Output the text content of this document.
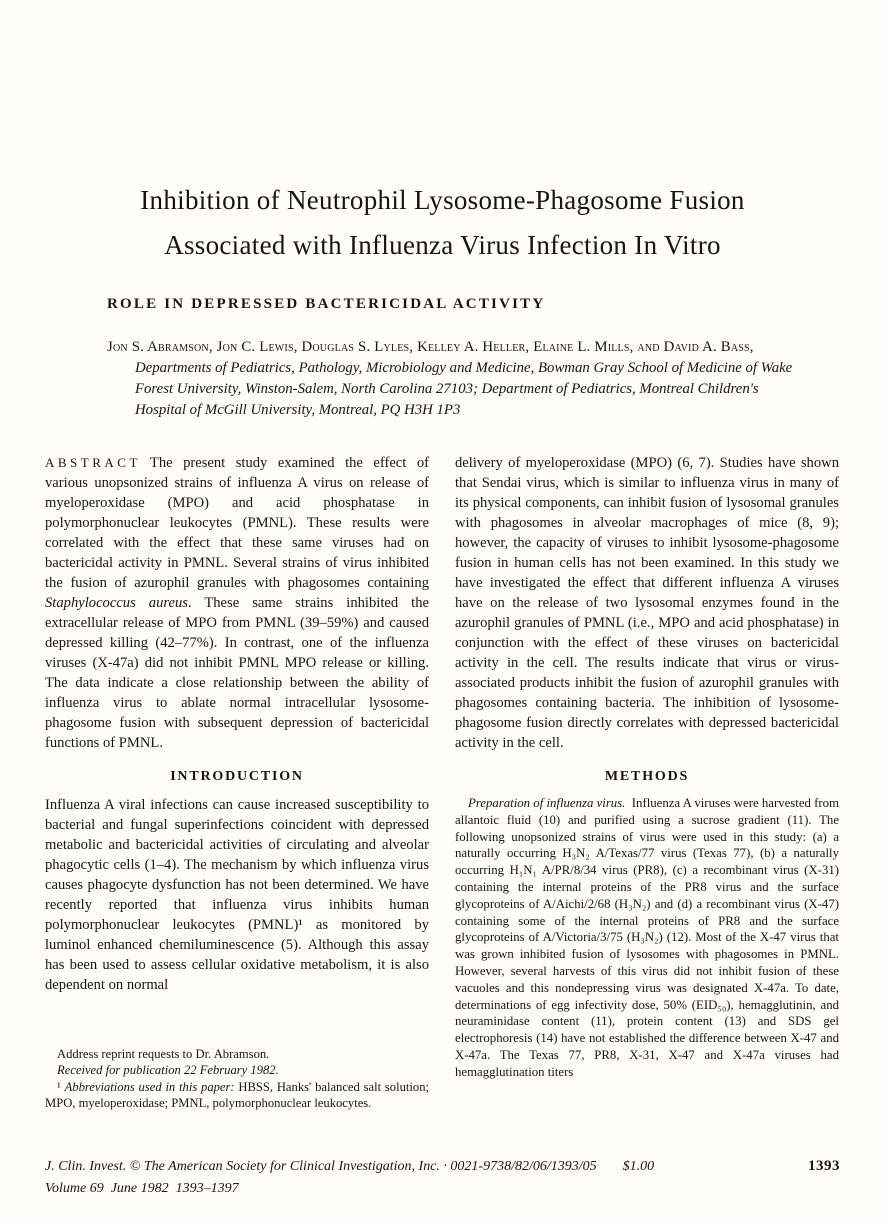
Inhibition of Neutrophil Lysosome-Phagosome Fusion
Associated with Influenza Virus Infection In Vitro
ROLE IN DEPRESSED BACTERICIDAL ACTIVITY

Jon S. Abramson, Jon C. Lewis, Douglas S. Lyles, Kelley A. Heller, Elaine L. Mills, and David A. Bass, Departments of Pediatrics, Pathology, Microbiology and Medicine, Bowman Gray School of Medicine of Wake Forest University, Winston-Salem, North Carolina 27103; Department of Pediatrics, Montreal Children's Hospital of McGill University, Montreal, PQ H3H 1P3

ABSTRACT The present study examined the effect of various unopsonized strains of influenza A virus on release of myeloperoxidase (MPO) and acid phosphatase in polymorphonuclear leukocytes (PMNL). These results were correlated with the effect that these same viruses had on bactericidal activity in PMNL. Several strains of virus inhibited the fusion of azurophil granules with phagosomes containing Staphylococcus aureus. These same strains inhibited the extracellular release of MPO from PMNL (39–59%) and caused depressed killing (42–77%). In contrast, one of the influenza viruses (X-47a) did not inhibit PMNL MPO release or killing. The data indicate a close relationship between the ability of influenza virus to ablate normal intracellular lysosome-phagosome fusion with subsequent depression of bactericidal functions of PMNL.

INTRODUCTION

Influenza A viral infections can cause increased susceptibility to bacterial and fungal superinfections coincident with depressed metabolic and bactericidal activities of circulating and alveolar phagocytic cells (1–4). The mechanism by which influenza virus causes phagocyte dysfunction has not been determined. We have recently reported that influenza virus inhibits human polymorphonuclear leukocytes (PMNL)¹ as monitored by luminol enhanced chemiluminescence (5). Although this assay has been used to assess cellular oxidative metabolism, it is also dependent on normal

Address reprint requests to Dr. Abramson.

Received for publication 22 February 1982.

¹ Abbreviations used in this paper: HBSS, Hanks' balanced salt solution; MPO, myeloperoxidase; PMNL, polymorphonuclear leukocytes.

delivery of myeloperoxidase (MPO) (6, 7). Studies have shown that Sendai virus, which is similar to influenza virus in many of its physical components, can inhibit fusion of lysosomal granules with phagosomes in alveolar macrophages of mice (8, 9); however, the capacity of viruses to inhibit lysosome-phagosome fusion in human cells has not been examined. In this study we have investigated the effect that different influenza A viruses have on the release of two lysosomal enzymes found in the azurophil granules of PMNL (i.e., MPO and acid phosphatase) in conjunction with the effect of these viruses on bactericidal activity in the cell. The results indicate that virus or virus-associated products inhibit the fusion of azurophil granules with phagosomes containing bacteria. The inhibition of lysosome-phagosome fusion directly correlates with depressed bactericidal activity in the cell.

METHODS

Preparation of influenza virus. Influenza A viruses were harvested from allantoic fluid (10) and purified using a sucrose gradient (11). The following unopsonized strains of virus were used in this study: (a) a naturally occurring H₃N₂ A/Texas/77 virus (Texas 77), (b) a naturally occurring H₁N₁ A/PR/8/34 virus (PR8), (c) a recombinant virus (X-31) containing the internal proteins of the PR8 virus and the surface glycoproteins of A/Aichi/2/68 (H₃N₂) and (d) a recombinant virus (X-47) containing some of the internal proteins of PR8 and the surface glycoproteins of A/Victoria/3/75 (H₃N₂) (12). Most of the X-47 virus that was grown inhibited fusion of lysosomes with phagosomes in PMNL. However, several harvests of this virus did not inhibit fusion of these vacuoles and this nondepressing virus was designated X-47a. To date, determinations of egg infectivity dose, 50% (EID₅₀), hemagglutinin, and neuraminidase content (11), protein content (13) and SDS gel electrophoresis (14) have not established the difference between X-47 and X-47a. The Texas 77, PR8, X-31, X-47 and X-47a viruses had hemagglutination titers

J. Clin. Invest. © The American Society for Clinical Investigation, Inc. · 0021-9738/82/06/1393/05 $1.00	1393
Volume 69 June 1982 1393–1397
